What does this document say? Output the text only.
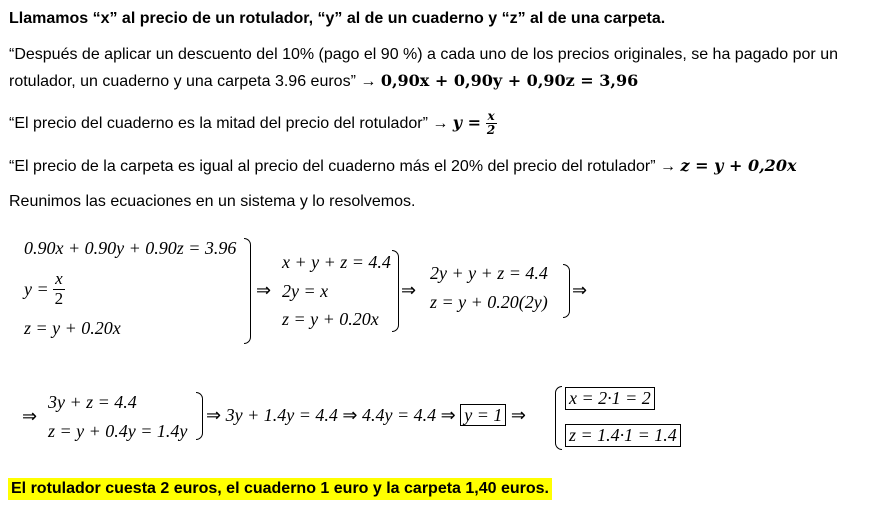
Llamamos “x” al precio de un rotulador, “y” al de un cuaderno y “z” al de una carpeta.
“Después de aplicar un descuento del 10% (pago el 90 %) a cada uno de los precios originales, se ha pagado por un
rotulador, un cuaderno y una carpeta 3.96 euros” → 0,90x + 0,90y + 0,90z = 3,96
“El precio del cuaderno es la mitad del precio del rotulador” → $y = \frac{x}{2}$
“El precio de la carpeta es igual al precio del cuaderno más el 20% del precio del rotulador” → z = y + 0,20x
Reunimos las ecuaciones en un sistema y lo resolvemos.
0.90x + 0.90y + 0.90z = 3.96
$y = \frac{x}{2}$
z = y + 0.20x
⇒
x + y + z = 4.4
2y = x
z = y + 0.20x
⇒
2y + y + z = 4.4
z = y + 0.20(2y)
⇒
⇒
3y + z = 4.4
z = y + 0.4y = 1.4y
⇒ 3y + 1.4y = 4.4 ⇒ 4.4y = 4.4 ⇒ y = 1 ⇒
x = 2·1 = 2
z = 1.4·1 = 1.4
El rotulador cuesta 2 euros, el cuaderno 1 euro y la carpeta 1,40 euros.
